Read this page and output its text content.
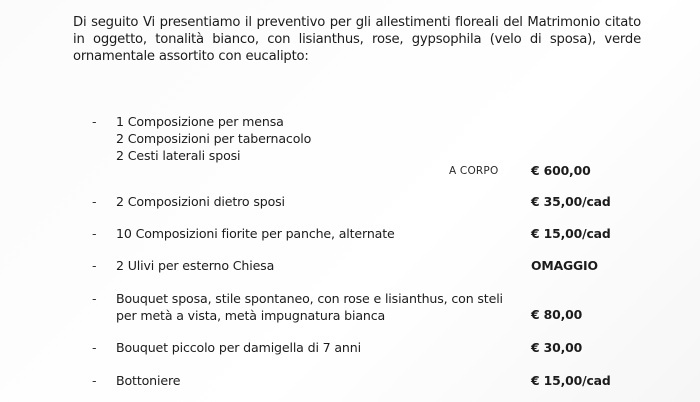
Di seguito Vi presentiamo il preventivo per gli allestimenti floreali del Matrimonio citato in oggetto, tonalità bianco, con lisianthus, rose, gypsophila (velo di sposa), verde ornamentale assortito con eucalipto:

- 1 Composizione per mensa
2 Composizioni per tabernacolo
2 Cesti laterali sposi
A CORPO	€ 600,00
- 2 Composizioni dietro sposi	€ 35,00/cad
- 10 Composizioni fiorite per panche, alternate	€ 15,00/cad
- 2 Ulivi per esterno Chiesa	OMAGGIO
- Bouquet sposa, stile spontaneo, con rose e lisianthus, con steli
per metà a vista, metà impugnatura bianca	€ 80,00
- Bouquet piccolo per damigella di 7 anni	€ 30,00
- Bottoniere	€ 15,00/cad
